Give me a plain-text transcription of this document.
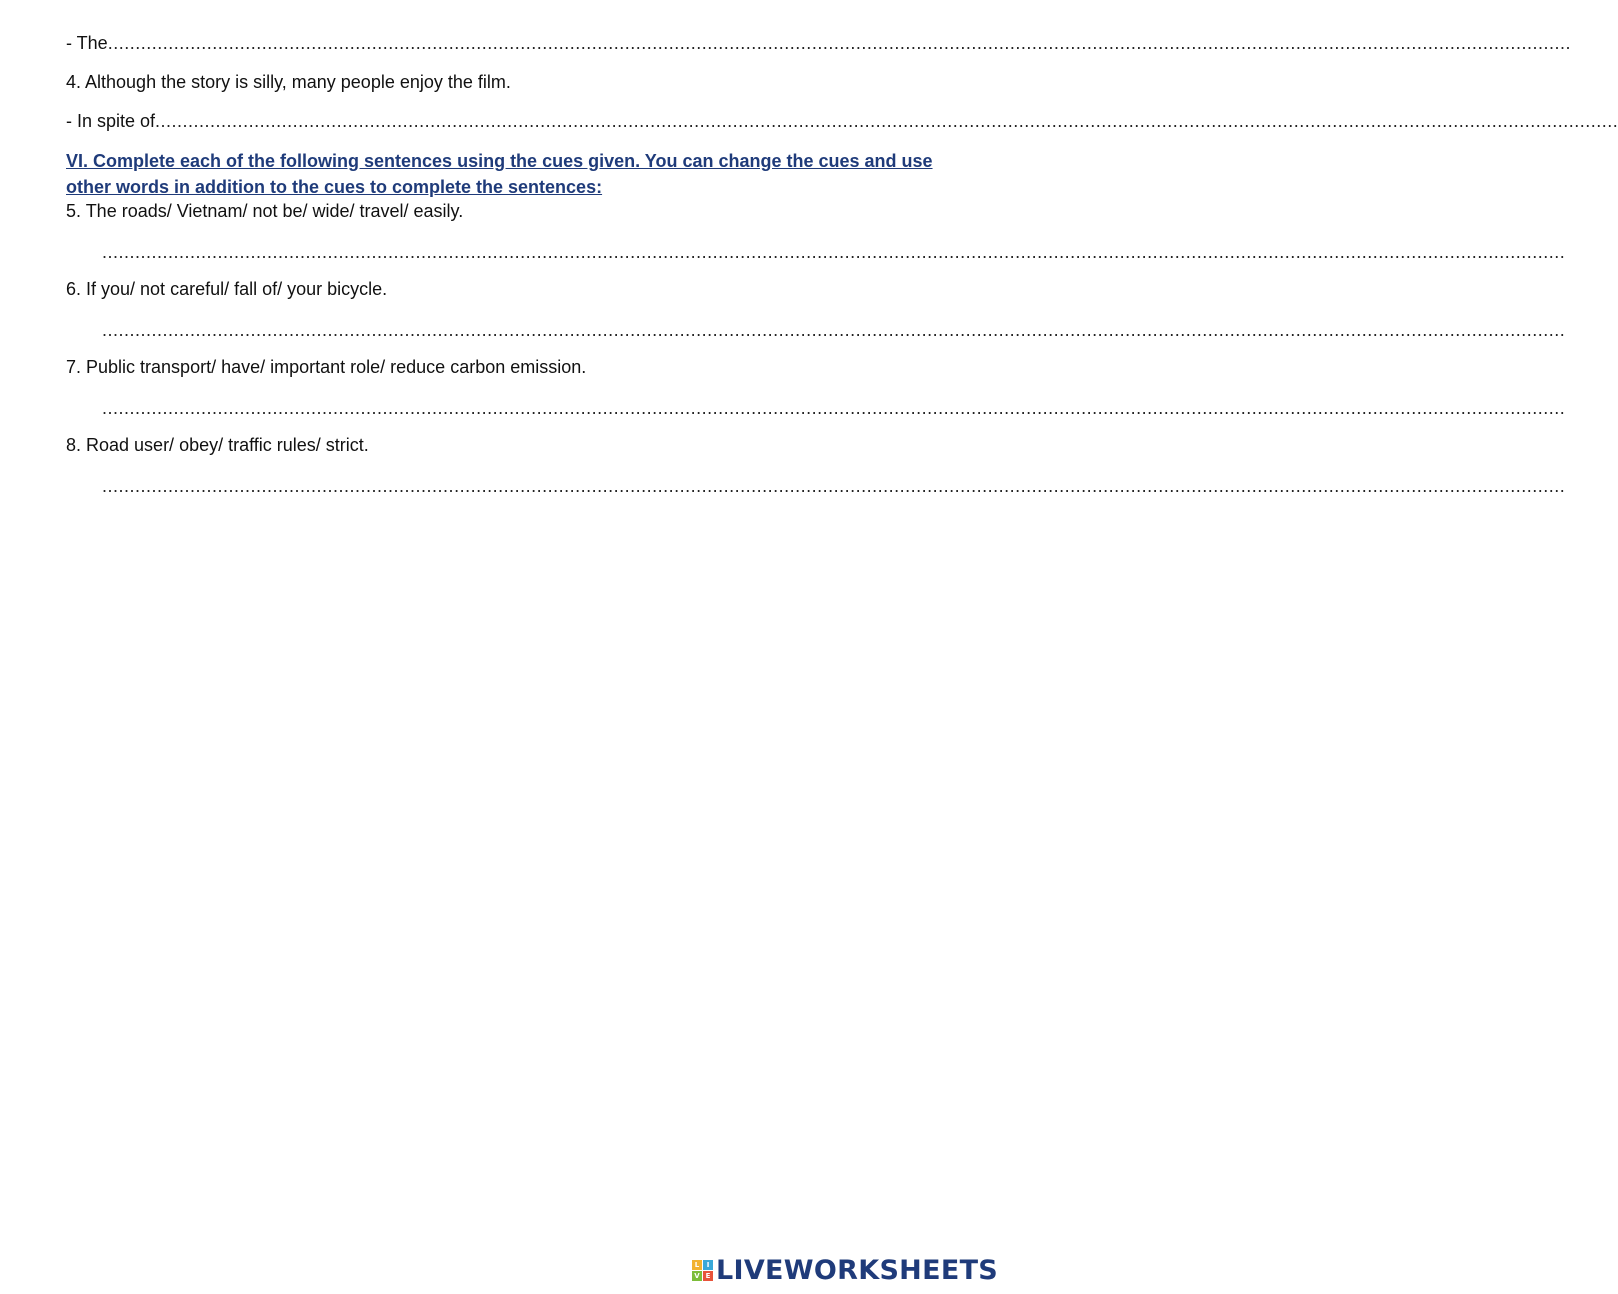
- The ..........................................................................................................................................................................................................................................................................
4. Although the story is silly, many people enjoy the film.
- In spite of ..........................................................................................................................................................................................................................................................................
VI. Complete each of the following sentences using the cues given. You can change the cues and use other words in addition to the cues to complete the sentences:
5. The roads/ Vietnam/ not be/ wide/ travel/ easily.
..........................................................................................................................................................................................................................................................................
6. If you/ not careful/ fall of/ your bicycle.
..........................................................................................................................................................................................................................................................................
7. Public transport/ have/ important role/ reduce carbon emission.
..........................................................................................................................................................................................................................................................................
8. Road user/ obey/ traffic rules/ strict.
..........................................................................................................................................................................................................................................................................
L	I
V E LIVEWORKSHEETS
